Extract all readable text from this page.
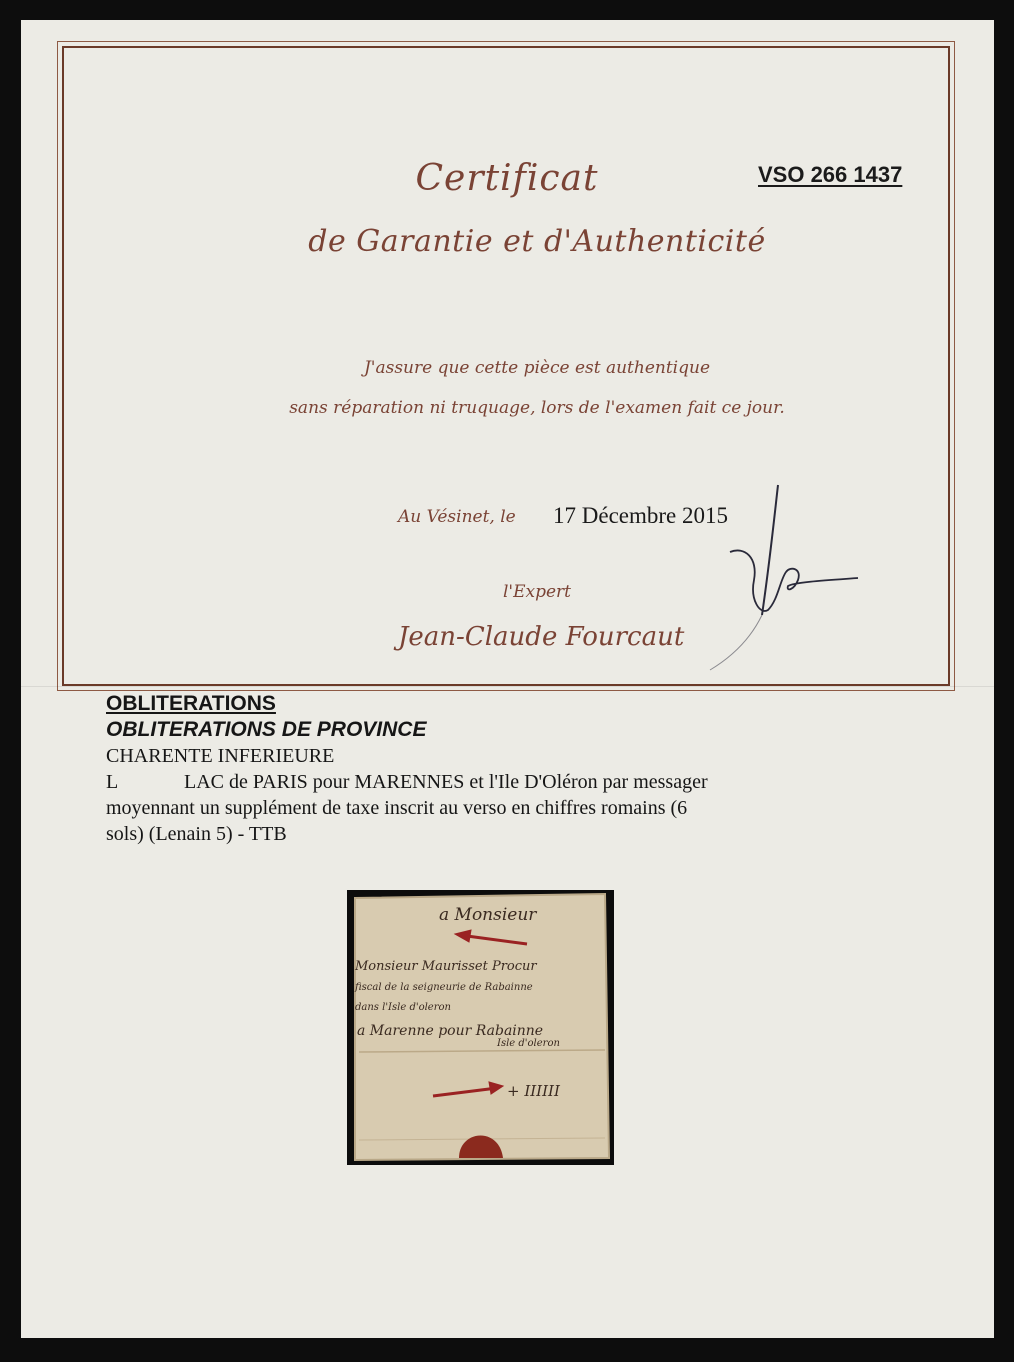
VSO 266 1437
Certificat
de Garantie et d'Authenticité
J'assure que cette pièce est authentique
sans réparation ni truquage, lors de l'examen fait ce jour.
Au Vésinet, le 17 Décembre 2015
l'Expert
Jean-Claude Fourcaut
OBLITERATIONS
OBLITERATIONS DE PROVINCE
CHARENTE INFERIEURE
L	LAC de PARIS pour MARENNES et l'Ile D'Oléron par messager
moyennant un supplément de taxe inscrit au verso en chiffres romains (6
sols) (Lenain 5) - TTB
a Monsieur
Monsieur Maurisset Procur
fiscal de la seigneurie de Rabainne
dans l'Isle d'oleron
a Marenne pour Rabainne
Isle d'oleron
+ IIIIII
